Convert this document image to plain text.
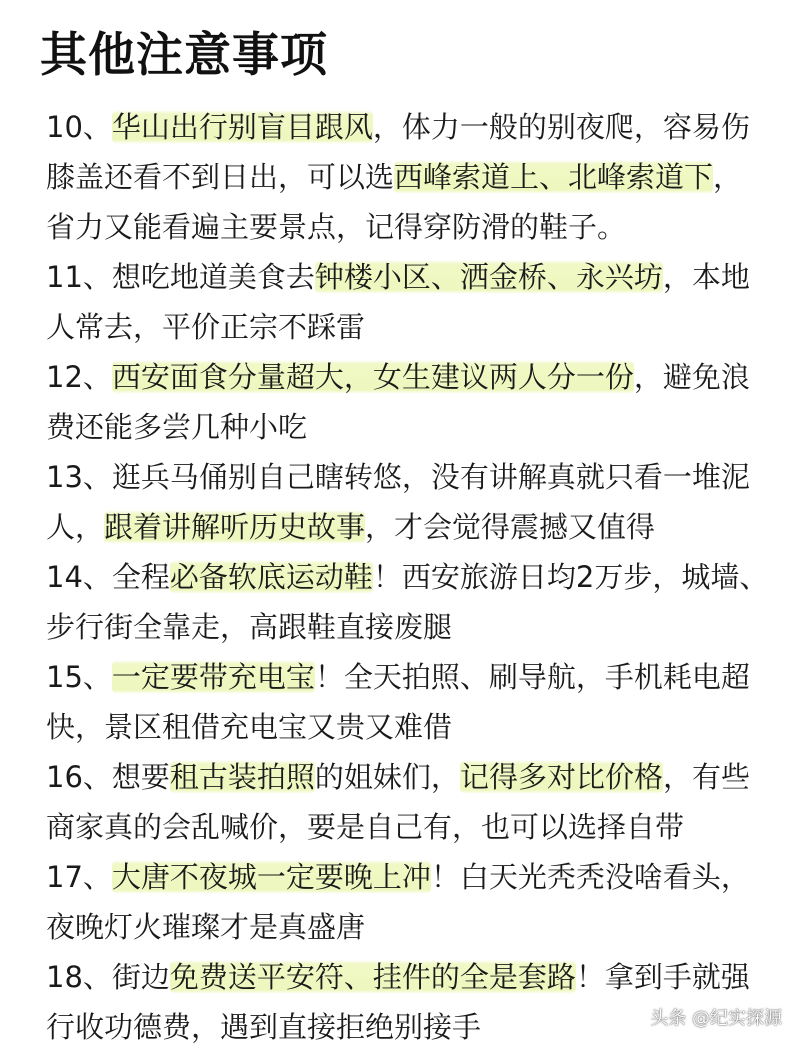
其他注意事项

10、华山出行别盲目跟风，体力一般的别夜爬，容易伤
膝盖还看不到日出，可以选西峰索道上、北峰索道下，
省力又能看遍主要景点，记得穿防滑的鞋子。

11、想吃地道美食去钟楼小区、洒金桥、永兴坊，本地
人常去，平价正宗不踩雷

12、西安面食分量超大，女生建议两人分一份，避免浪
费还能多尝几种小吃

13、逛兵马俑别自己瞎转悠，没有讲解真就只看一堆泥
人，跟着讲解听历史故事，才会觉得震撼又值得

14、全程必备软底运动鞋！西安旅游日均2万步，城墙、
步行街全靠走，高跟鞋直接废腿

15、一定要带充电宝！全天拍照、刷导航，手机耗电超
快，景区租借充电宝又贵又难借

16、想要租古装拍照的姐妹们，记得多对比价格，有些
商家真的会乱喊价，要是自己有，也可以选择自带

17、大唐不夜城一定要晚上冲！白天光秃秃没啥看头，
夜晚灯火璀璨才是真盛唐

18、街边免费送平安符、挂件的全是套路！拿到手就强
行收功德费，遇到直接拒绝别接手	头条 @纪实探源
